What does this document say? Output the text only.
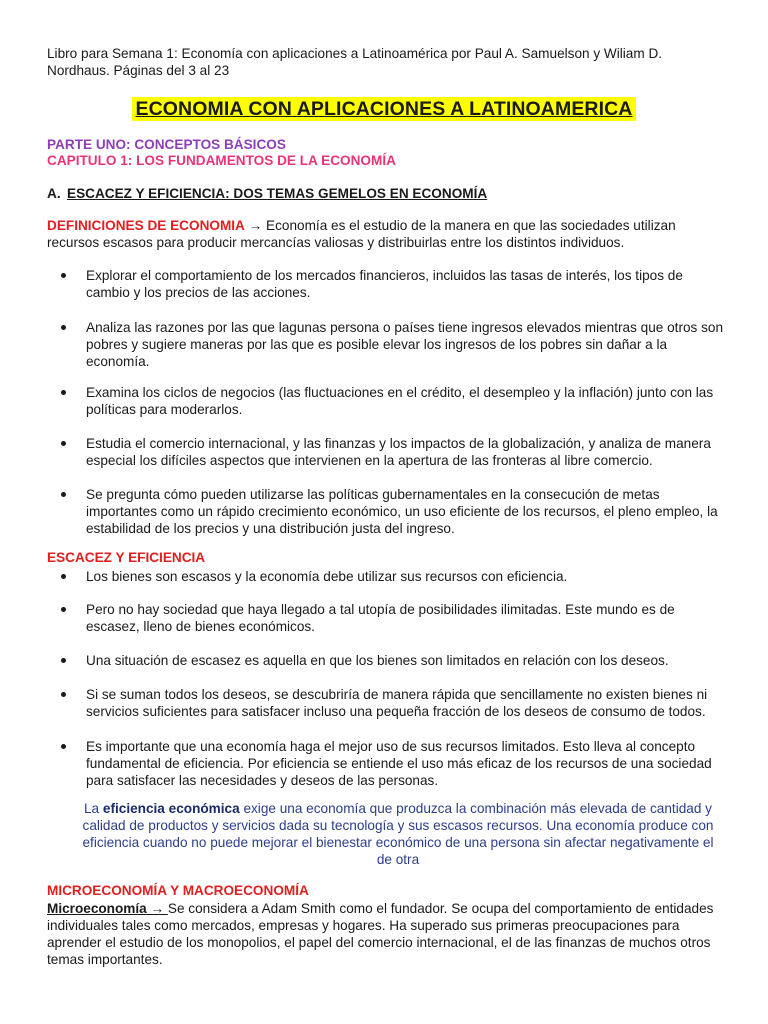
Libro para Semana 1: Economía con aplicaciones a Latinoamérica por Paul A. Samuelson y Wiliam D. Nordhaus. Páginas del 3 al 23
ECONOMIA CON APLICACIONES A LATINOAMERICA
PARTE UNO: CONCEPTOS BÁSICOS
CAPITULO 1: LOS FUNDAMENTOS DE LA ECONOMÍA
A. ESCACEZ Y EFICIENCIA: DOS TEMAS GEMELOS EN ECONOMÍA
DEFINICIONES DE ECONOMIA → Economía es el estudio de la manera en que las sociedades utilizan recursos escasos para producir mercancías valiosas y distribuirlas entre los distintos individuos.
Explorar el comportamiento de los mercados financieros, incluidos las tasas de interés, los tipos de cambio y los precios de las acciones.
Analiza las razones por las que lagunas persona o países tiene ingresos elevados mientras que otros son pobres y sugiere maneras por las que es posible elevar los ingresos de los pobres sin dañar a la economía.
Examina los ciclos de negocios (las fluctuaciones en el crédito, el desempleo y la inflación) junto con las políticas para moderarlos.
Estudia el comercio internacional, y las finanzas y los impactos de la globalización, y analiza de manera especial los difíciles aspectos que intervienen en la apertura de las fronteras al libre comercio.
Se pregunta cómo pueden utilizarse las políticas gubernamentales en la consecución de metas importantes como un rápido crecimiento económico, un uso eficiente de los recursos, el pleno empleo, la estabilidad de los precios y una distribución justa del ingreso.
ESCACEZ Y EFICIENCIA
Los bienes son escasos y la economía debe utilizar sus recursos con eficiencia.
Pero no hay sociedad que haya llegado a tal utopía de posibilidades ilimitadas. Este mundo es de escasez, lleno de bienes económicos.
Una situación de escasez es aquella en que los bienes son limitados en relación con los deseos.
Si se suman todos los deseos, se descubriría de manera rápida que sencillamente no existen bienes ni servicios suficientes para satisfacer incluso una pequeña fracción de los deseos de consumo de todos.
Es importante que una economía haga el mejor uso de sus recursos limitados. Esto lleva al concepto fundamental de eficiencia. Por eficiencia se entiende el uso más eficaz de los recursos de una sociedad para satisfacer las necesidades y deseos de las personas.
La eficiencia económica exige una economía que produzca la combinación más elevada de cantidad y calidad de productos y servicios dada su tecnología y sus escasos recursos. Una economía produce con eficiencia cuando no puede mejorar el bienestar económico de una persona sin afectar negativamente el de otra
MICROECONOMÍA Y MACROECONOMÍA
Microeconomía → Se considera a Adam Smith como el fundador. Se ocupa del comportamiento de entidades individuales tales como mercados, empresas y hogares. Ha superado sus primeras preocupaciones para aprender el estudio de los monopolios, el papel del comercio internacional, el de las finanzas de muchos otros temas importantes.
